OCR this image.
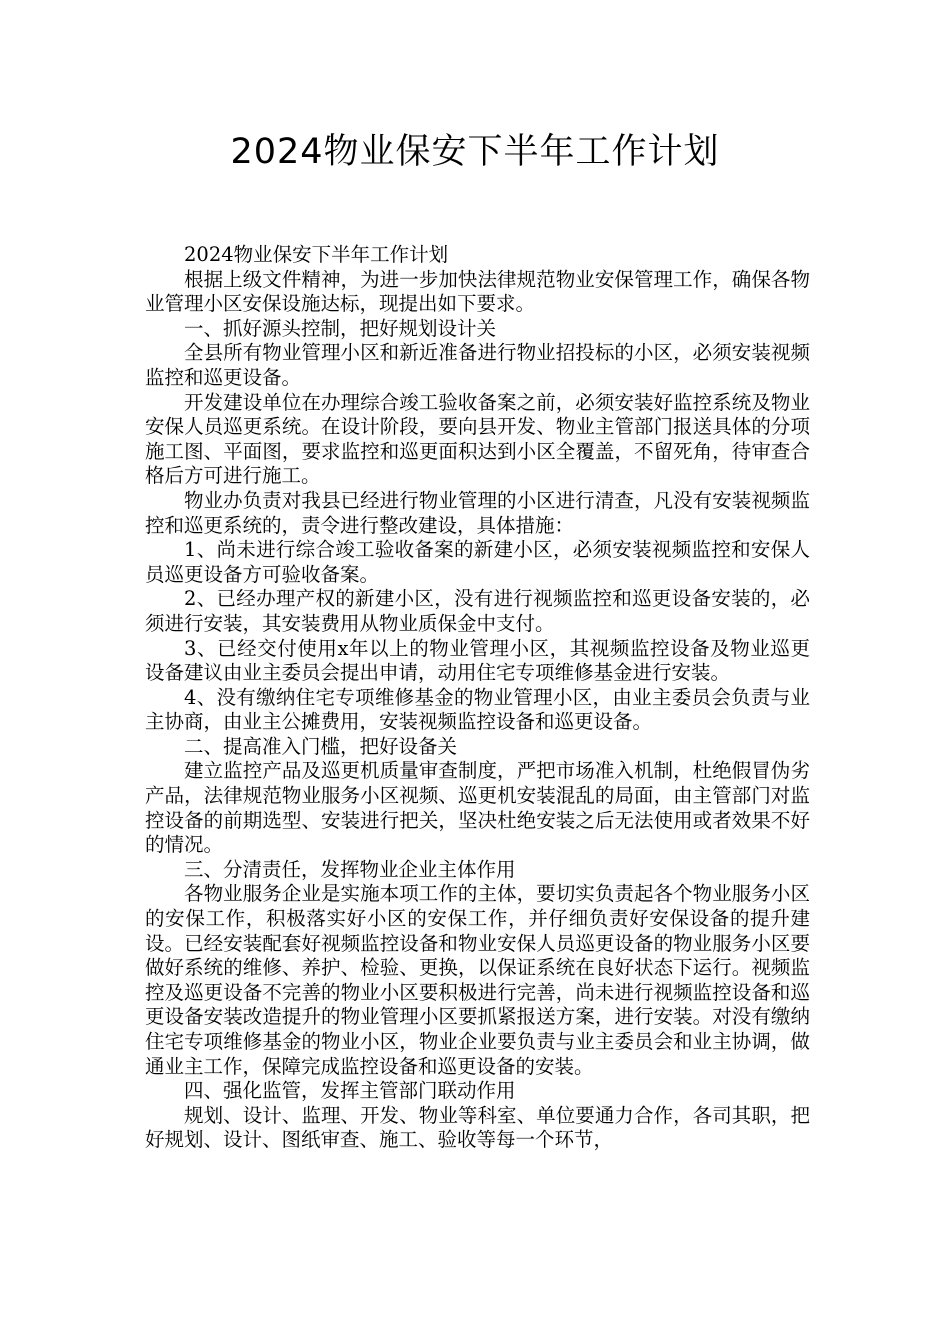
2024物业保安下半年工作计划

2024物业保安下半年工作计划

根据上级文件精神，为进一步加快法律规范物业安保管理工作，确保各物业管理小区安保设施达标，现提出如下要求。

一、抓好源头控制，把好规划设计关

全县所有物业管理小区和新近准备进行物业招投标的小区，必须安装视频监控和巡更设备。

开发建设单位在办理综合竣工验收备案之前，必须安装好监控系统及物业安保人员巡更系统。在设计阶段，要向县开发、物业主管部门报送具体的分项施工图、平面图，要求监控和巡更面积达到小区全覆盖，不留死角，待审查合格后方可进行施工。

物业办负责对我县已经进行物业管理的小区进行清查，凡没有安装视频监控和巡更系统的，责令进行整改建设，具体措施：

1、尚未进行综合竣工验收备案的新建小区，必须安装视频监控和安保人员巡更设备方可验收备案。

2、已经办理产权的新建小区，没有进行视频监控和巡更设备安装的，必须进行安装，其安装费用从物业质保金中支付。

3、已经交付使用x年以上的物业管理小区，其视频监控设备及物业巡更设备建议由业主委员会提出申请，动用住宅专项维修基金进行安装。

4、没有缴纳住宅专项维修基金的物业管理小区，由业主委员会负责与业主协商，由业主公摊费用，安装视频监控设备和巡更设备。

二、提高准入门槛，把好设备关

建立监控产品及巡更机质量审查制度，严把市场准入机制，杜绝假冒伪劣产品，法律规范物业服务小区视频、巡更机安装混乱的局面，由主管部门对监控设备的前期选型、安装进行把关，坚决杜绝安装之后无法使用或者效果不好的情况。

三、分清责任，发挥物业企业主体作用

各物业服务企业是实施本项工作的主体，要切实负责起各个物业服务小区的安保工作，积极落实好小区的安保工作，并仔细负责好安保设备的提升建设。已经安装配套好视频监控设备和物业安保人员巡更设备的物业服务小区要做好系统的维修、养护、检验、更换，以保证系统在良好状态下运行。视频监控及巡更设备不完善的物业小区要积极进行完善，尚未进行视频监控设备和巡更设备安装改造提升的物业管理小区要抓紧报送方案，进行安装。对没有缴纳住宅专项维修基金的物业小区，物业企业要负责与业主委员会和业主协调，做通业主工作，保障完成监控设备和巡更设备的安装。

四、强化监管，发挥主管部门联动作用

规划、设计、监理、开发、物业等科室、单位要通力合作，各司其职，把好规划、设计、图纸审查、施工、验收等每一个环节，
